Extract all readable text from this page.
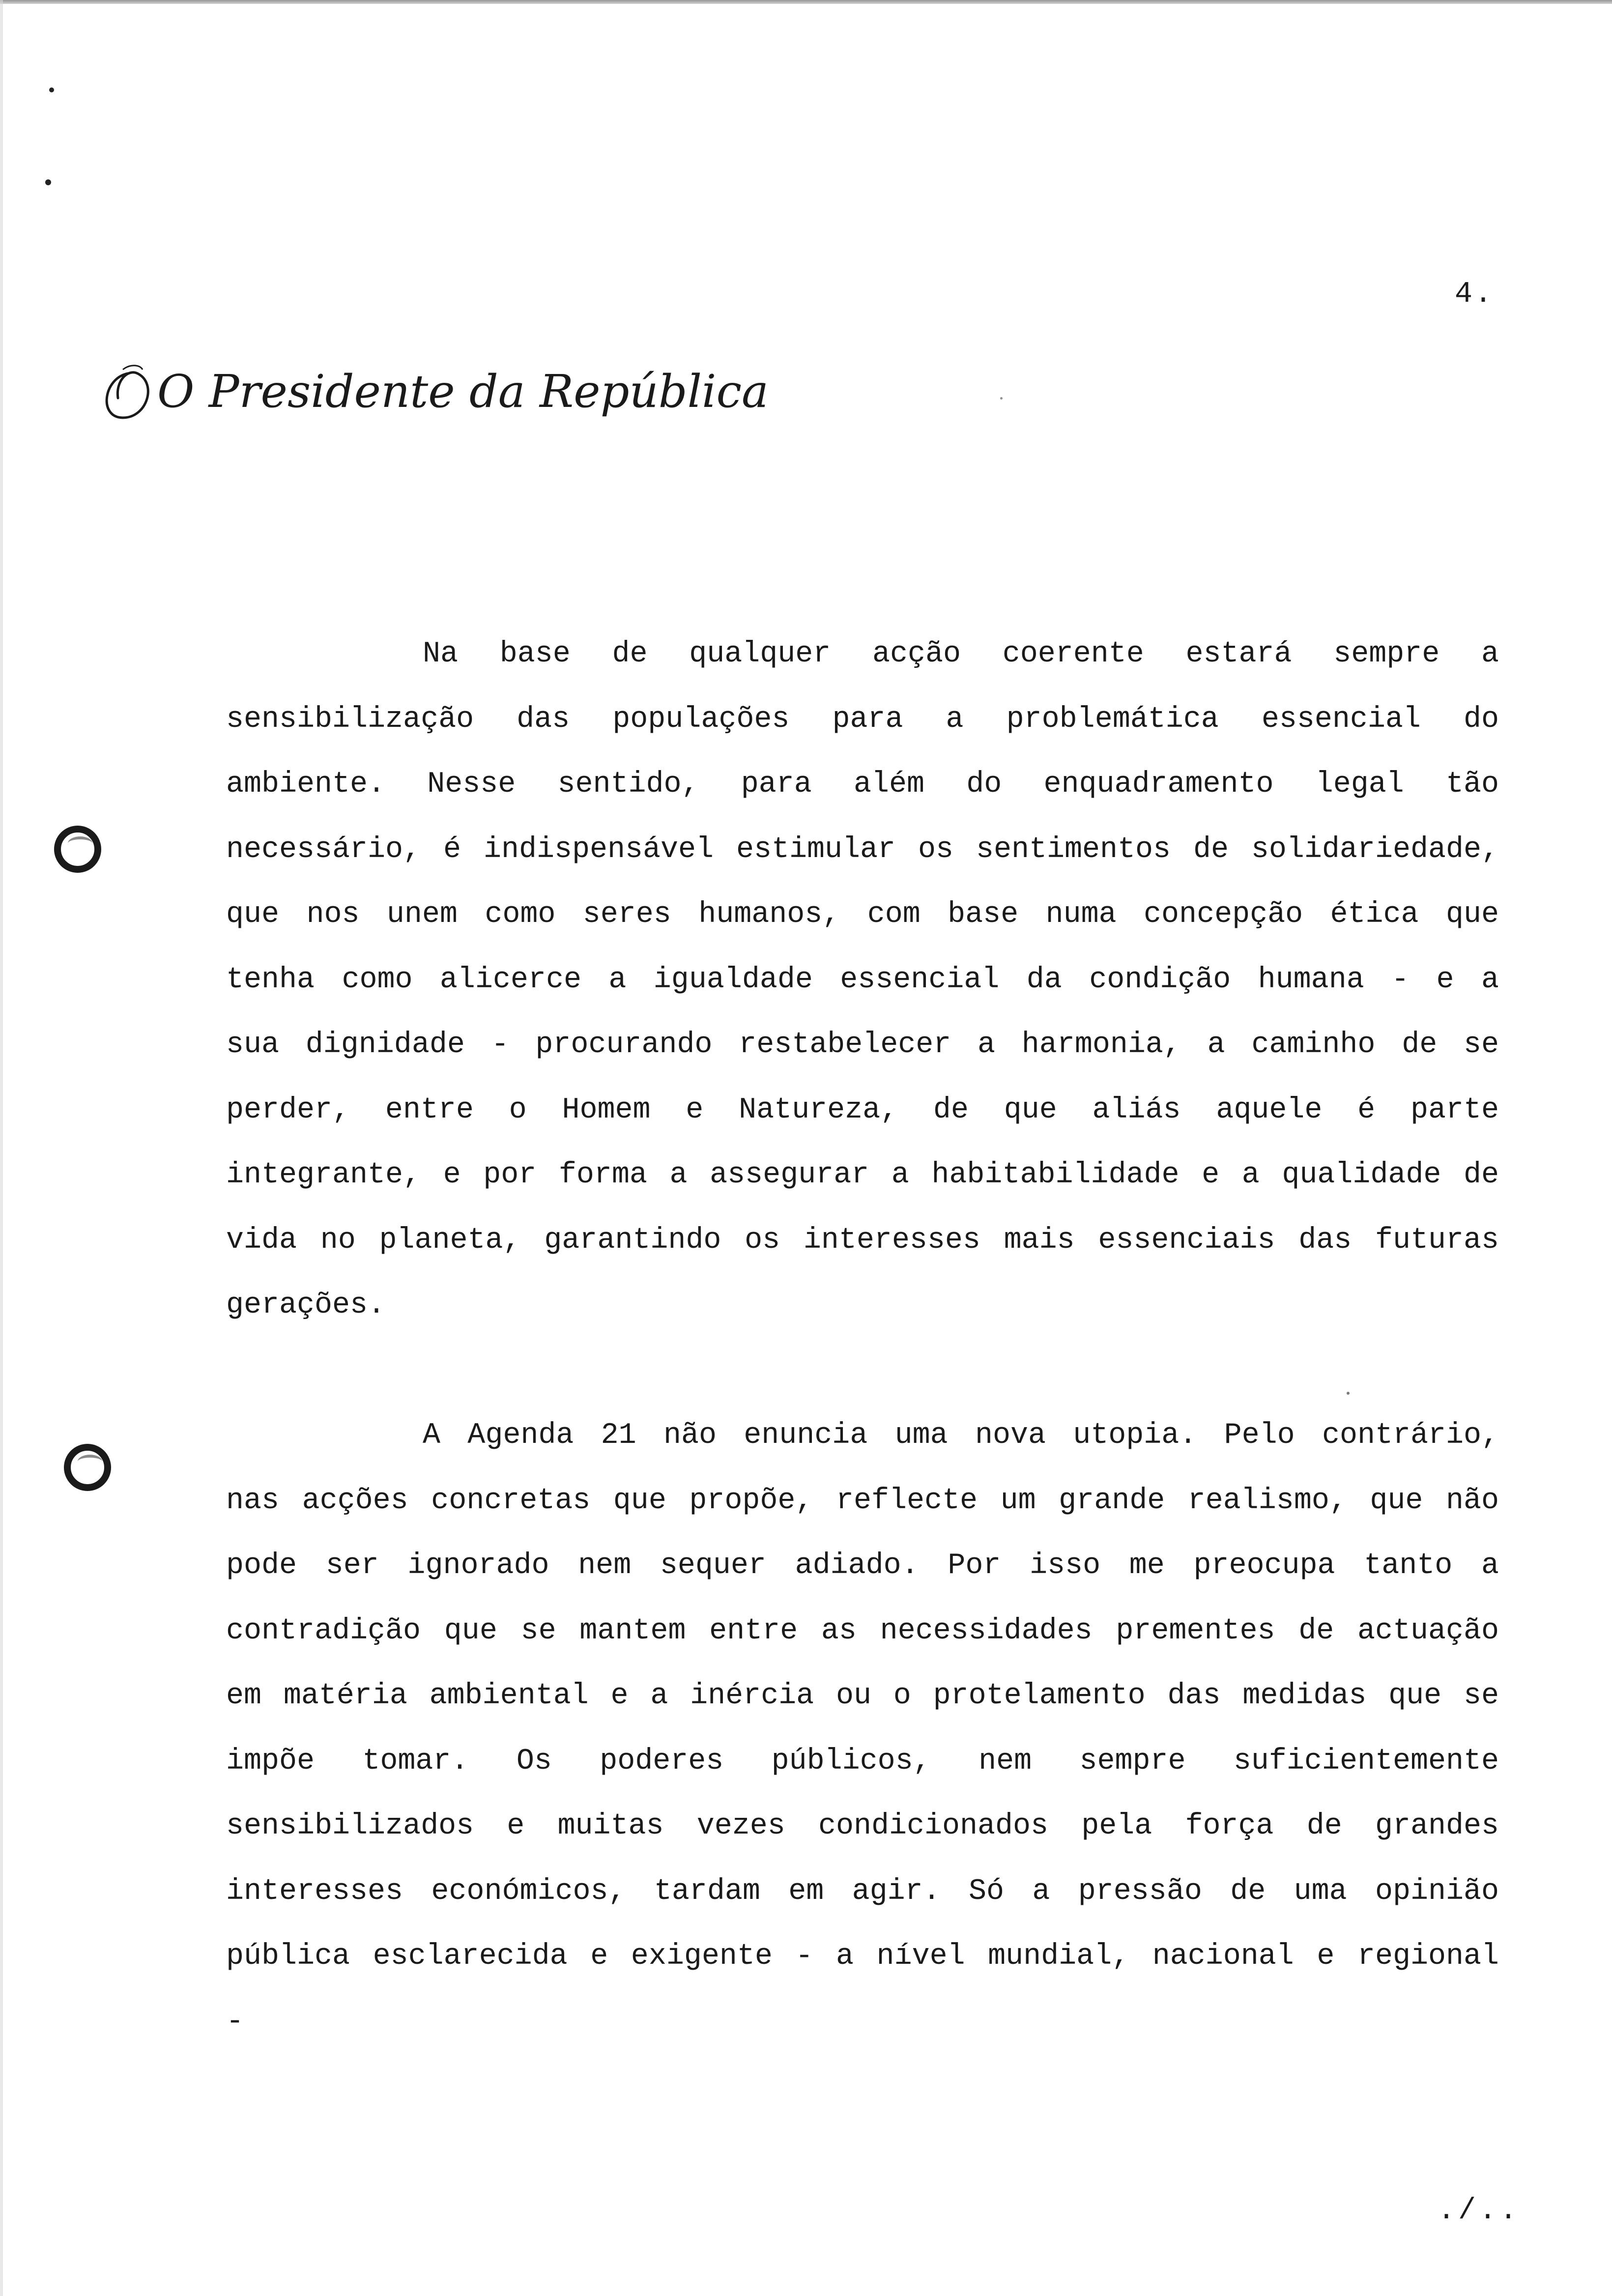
4.
O Presidente da República

Na base de qualquer acção coerente estará sempre a sensibilização das populações para a problemática essencial do ambiente. Nesse sentido, para além do enquadramento legal tão necessário, é indispensável estimular os sentimentos de solidariedade, que nos unem como seres humanos, com base numa concepção ética que tenha como alicerce a igualdade essencial da condição humana - e a sua dignidade - procurando restabelecer a harmonia, a caminho de se perder, entre o Homem e Natureza, de que aliás aquele é parte integrante, e por forma a assegurar a habitabilidade e a qualidade de vida no planeta, garantindo os interesses mais essenciais das futuras gerações.

A Agenda 21 não enuncia uma nova utopia. Pelo contrário, nas acções concretas que propõe, reflecte um grande realismo, que não pode ser ignorado nem sequer adiado. Por isso me preocupa tanto a contradição que se mantem entre as necessidades prementes de actuação em matéria ambiental e a inércia ou o protelamento das medidas que se impõe tomar. Os poderes públicos, nem sempre suficientemente sensibilizados e muitas vezes condicionados pela força de grandes interesses económicos, tardam em agir. Só a pressão de uma opinião pública esclarecida e exigente - a nível mundial, nacional e regional -

./..
